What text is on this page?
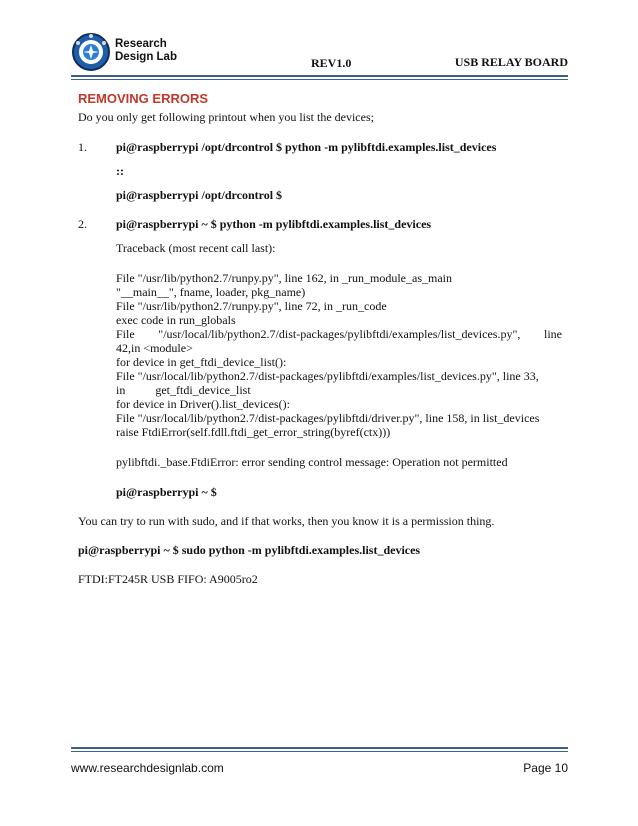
Research
Design Lab	REV1.0	USB RELAY BOARD
REMOVING ERRORS
Do you only get following printout when you list the devices;
1. pi@raspberrypi /opt/drcontrol $ python -m pylibftdi.examples.list_devices
::
pi@raspberrypi /opt/drcontrol $
2. pi@raspberrypi ~ $ python -m pylibftdi.examples.list_devices
Traceback (most recent call last):
File "/usr/lib/python2.7/runpy.py", line 162, in _run_module_as_main
"__main__", fname, loader, pkg_name)
File "/usr/lib/python2.7/runpy.py", line 72, in _run_code
exec code in run_globals
File "/usr/local/lib/python2.7/dist-packages/pylibftdi/examples/list_devices.py", line
42,in <module>
for device in get_ftdi_device_list():
File "/usr/local/lib/python2.7/dist-packages/pylibftdi/examples/list_devices.py", line 33,
in	get_ftdi_device_list
for device in Driver().list_devices():
File "/usr/local/lib/python2.7/dist-packages/pylibftdi/driver.py", line 158, in list_devices
raise FtdiError(self.fdll.ftdi_get_error_string(byref(ctx)))
pylibftdi._base.FtdiError: error sending control message: Operation not permitted
pi@raspberrypi ~ $
You can try to run with sudo, and if that works, then you know it is a permission thing.
pi@raspberrypi ~ $ sudo python -m pylibftdi.examples.list_devices
FTDI:FT245R USB FIFO: A9005ro2
www.researchdesignlab.com	Page 10
